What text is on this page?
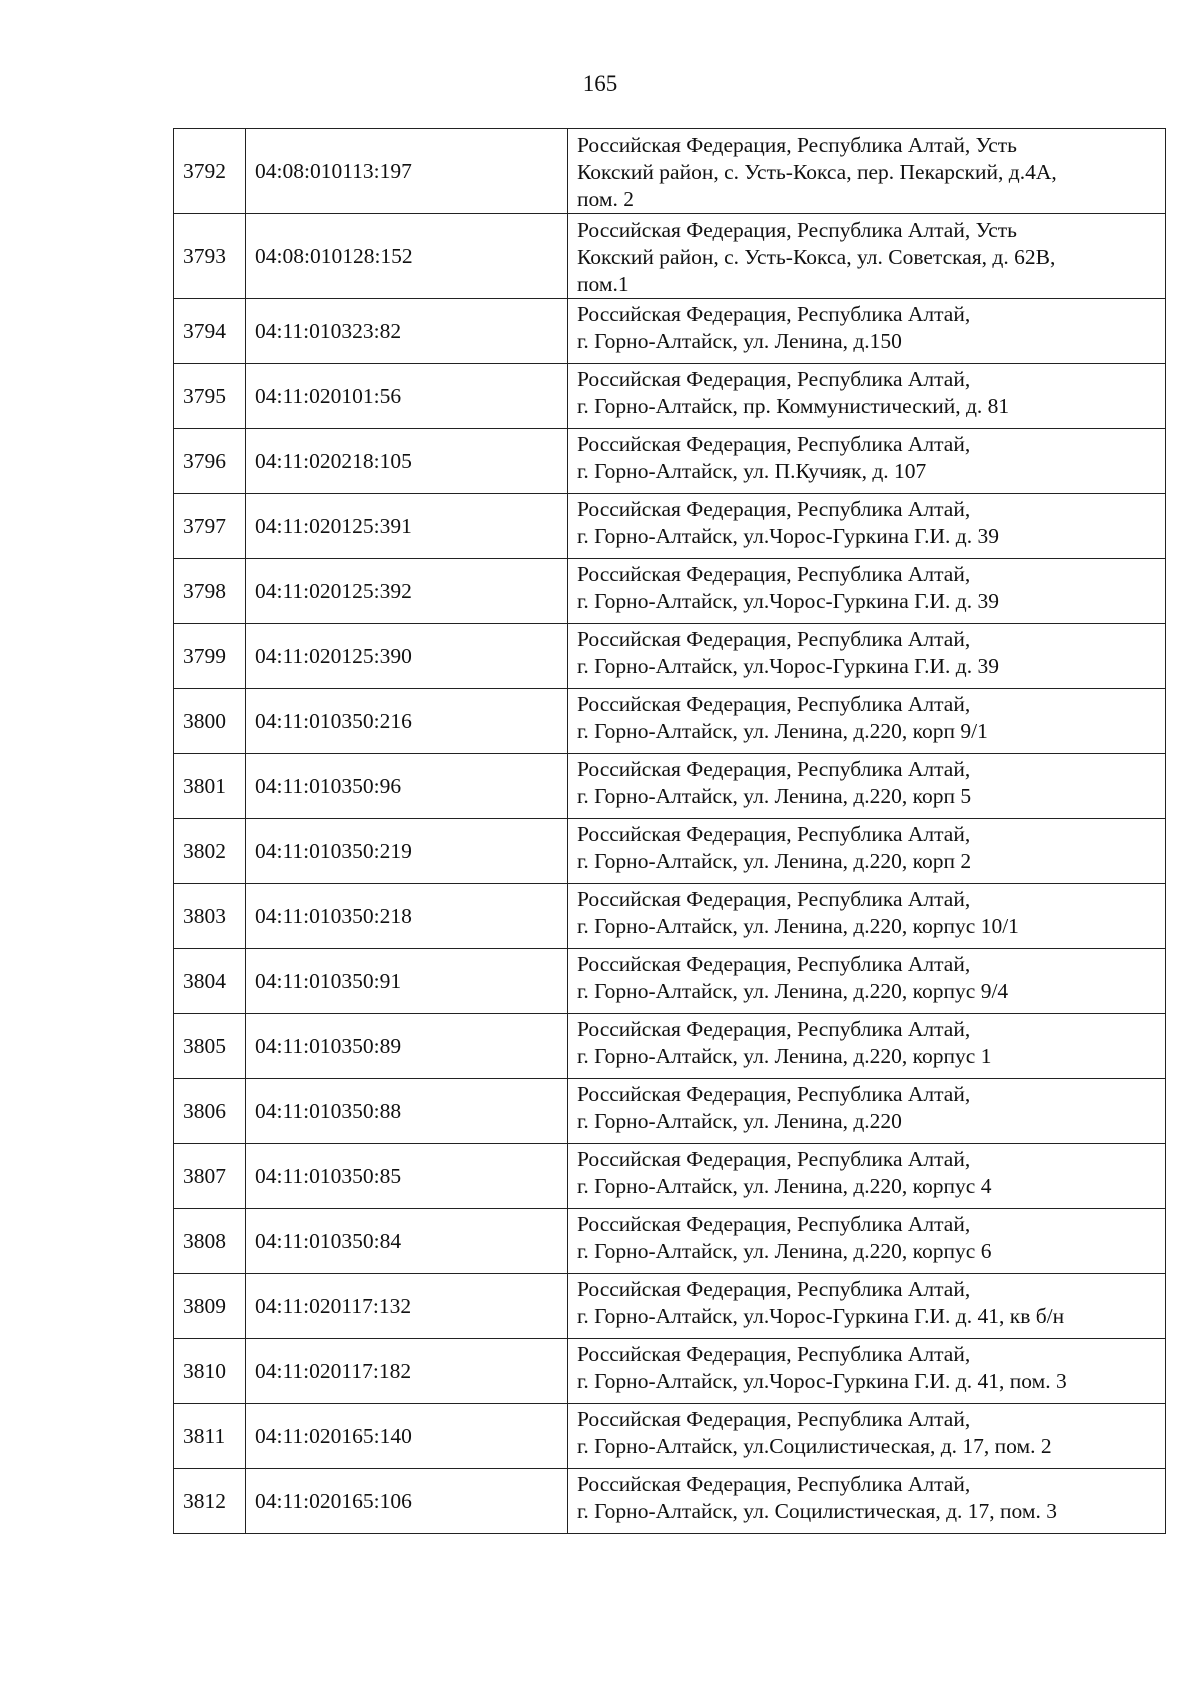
165
3792	04:08:010113:197	Российская Федерация, Республика Алтай, Усть
Кокский район, с. Усть-Кокса, пер. Пекарский, д.4А,
пом. 2
3793	04:08:010128:152	Российская Федерация, Республика Алтай, Усть
Кокский район, с. Усть-Кокса, ул. Советская, д. 62В,
пом.1
3794	04:11:010323:82	Российская Федерация, Республика Алтай,
г. Горно-Алтайск, ул. Ленина, д.150
3795	04:11:020101:56	Российская Федерация, Республика Алтай,
г. Горно-Алтайск, пр. Коммунистический, д. 81
3796	04:11:020218:105	Российская Федерация, Республика Алтай,
г. Горно-Алтайск, ул. П.Кучияк, д. 107
3797	04:11:020125:391	Российская Федерация, Республика Алтай,
г. Горно-Алтайск, ул.Чорос-Гуркина Г.И. д. 39
3798	04:11:020125:392	Российская Федерация, Республика Алтай,
г. Горно-Алтайск, ул.Чорос-Гуркина Г.И. д. 39
3799	04:11:020125:390	Российская Федерация, Республика Алтай,
г. Горно-Алтайск, ул.Чорос-Гуркина Г.И. д. 39
3800	04:11:010350:216	Российская Федерация, Республика Алтай,
г. Горно-Алтайск, ул. Ленина, д.220, корп 9/1
3801	04:11:010350:96	Российская Федерация, Республика Алтай,
г. Горно-Алтайск, ул. Ленина, д.220, корп 5
3802	04:11:010350:219	Российская Федерация, Республика Алтай,
г. Горно-Алтайск, ул. Ленина, д.220, корп 2
3803	04:11:010350:218	Российская Федерация, Республика Алтай,
г. Горно-Алтайск, ул. Ленина, д.220, корпус 10/1
3804	04:11:010350:91	Российская Федерация, Республика Алтай,
г. Горно-Алтайск, ул. Ленина, д.220, корпус 9/4
3805	04:11:010350:89	Российская Федерация, Республика Алтай,
г. Горно-Алтайск, ул. Ленина, д.220, корпус 1
3806	04:11:010350:88	Российская Федерация, Республика Алтай,
г. Горно-Алтайск, ул. Ленина, д.220
3807	04:11:010350:85	Российская Федерация, Республика Алтай,
г. Горно-Алтайск, ул. Ленина, д.220, корпус 4
3808	04:11:010350:84	Российская Федерация, Республика Алтай,
г. Горно-Алтайск, ул. Ленина, д.220, корпус 6
3809	04:11:020117:132	Российская Федерация, Республика Алтай,
г. Горно-Алтайск, ул.Чорос-Гуркина Г.И. д. 41, кв б/н
3810	04:11:020117:182	Российская Федерация, Республика Алтай,
г. Горно-Алтайск, ул.Чорос-Гуркина Г.И. д. 41, пом. 3
3811	04:11:020165:140	Российская Федерация, Республика Алтай,
г. Горно-Алтайск, ул.Социлистическая, д. 17, пом. 2
3812	04:11:020165:106	Российская Федерация, Республика Алтай,
г. Горно-Алтайск, ул. Социлистическая, д. 17, пом. 3
